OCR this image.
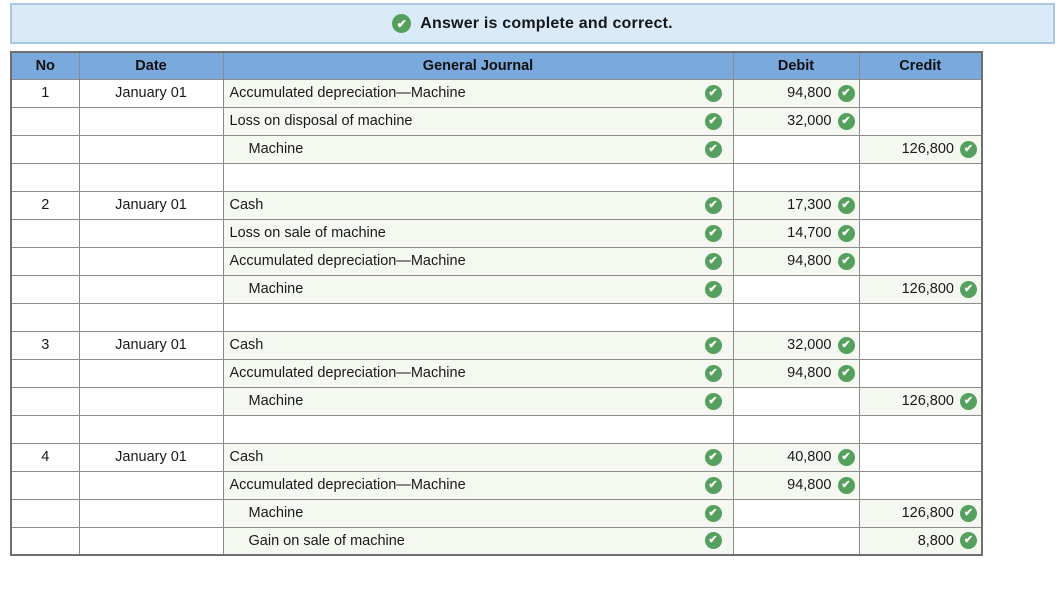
✔ Answer is complete and correct.
No	Date	General Journal	Debit	Credit
1	January 01	Accumulated depreciation—Machine ✔	94,800 ✔	

		Loss on disposal of machine ✔	32,000 ✔	

		Machine ✔		126,800 ✔

2	January 01	Cash ✔	17,300 ✔	

		Loss on sale of machine ✔	14,700 ✔	

		Accumulated depreciation—Machine ✔	94,800 ✔	

		Machine ✔		126,800 ✔

3	January 01	Cash ✔	32,000 ✔	

		Accumulated depreciation—Machine ✔	94,800 ✔	

		Machine ✔		126,800 ✔

4	January 01	Cash ✔	40,800 ✔	

		Accumulated depreciation—Machine ✔	94,800 ✔	

		Machine ✔		126,800 ✔

		Gain on sale of machine ✔		8,800 ✔
